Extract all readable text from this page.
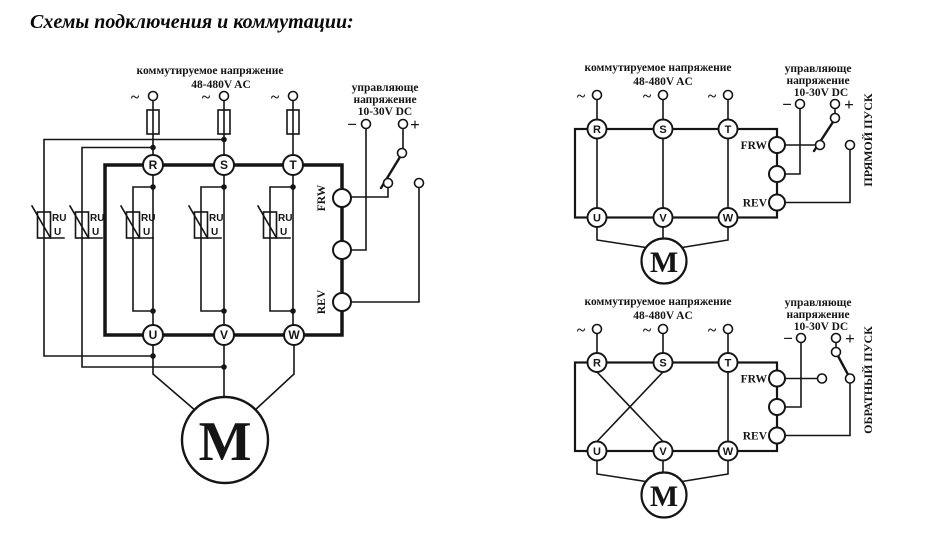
Схемы подключения и коммутации:
коммутируемое напряжение
48-480V AC
~	~	~
RU
U
RU
U
RU
U
RU
U
RU
U
R	S	T
U	V	W
FRW
REV
управляюще
напряжение
10-30V DC
−	+
M
коммутируемое напряжение
48-480V AC
~	~	~
R	S	T
U	V	W
FRW
REV
управляюще
напряжение
10-30V DC
−	+
M
ПРЯМОЙ ПУСК
коммутируемое напряжение
48-480V AC
~	~	~
R	S	T
U	V	W
FRW
REV
управляюще
напряжение
10-30V DC
−	+
M
ОБРАТНЫЙ ПУСК
